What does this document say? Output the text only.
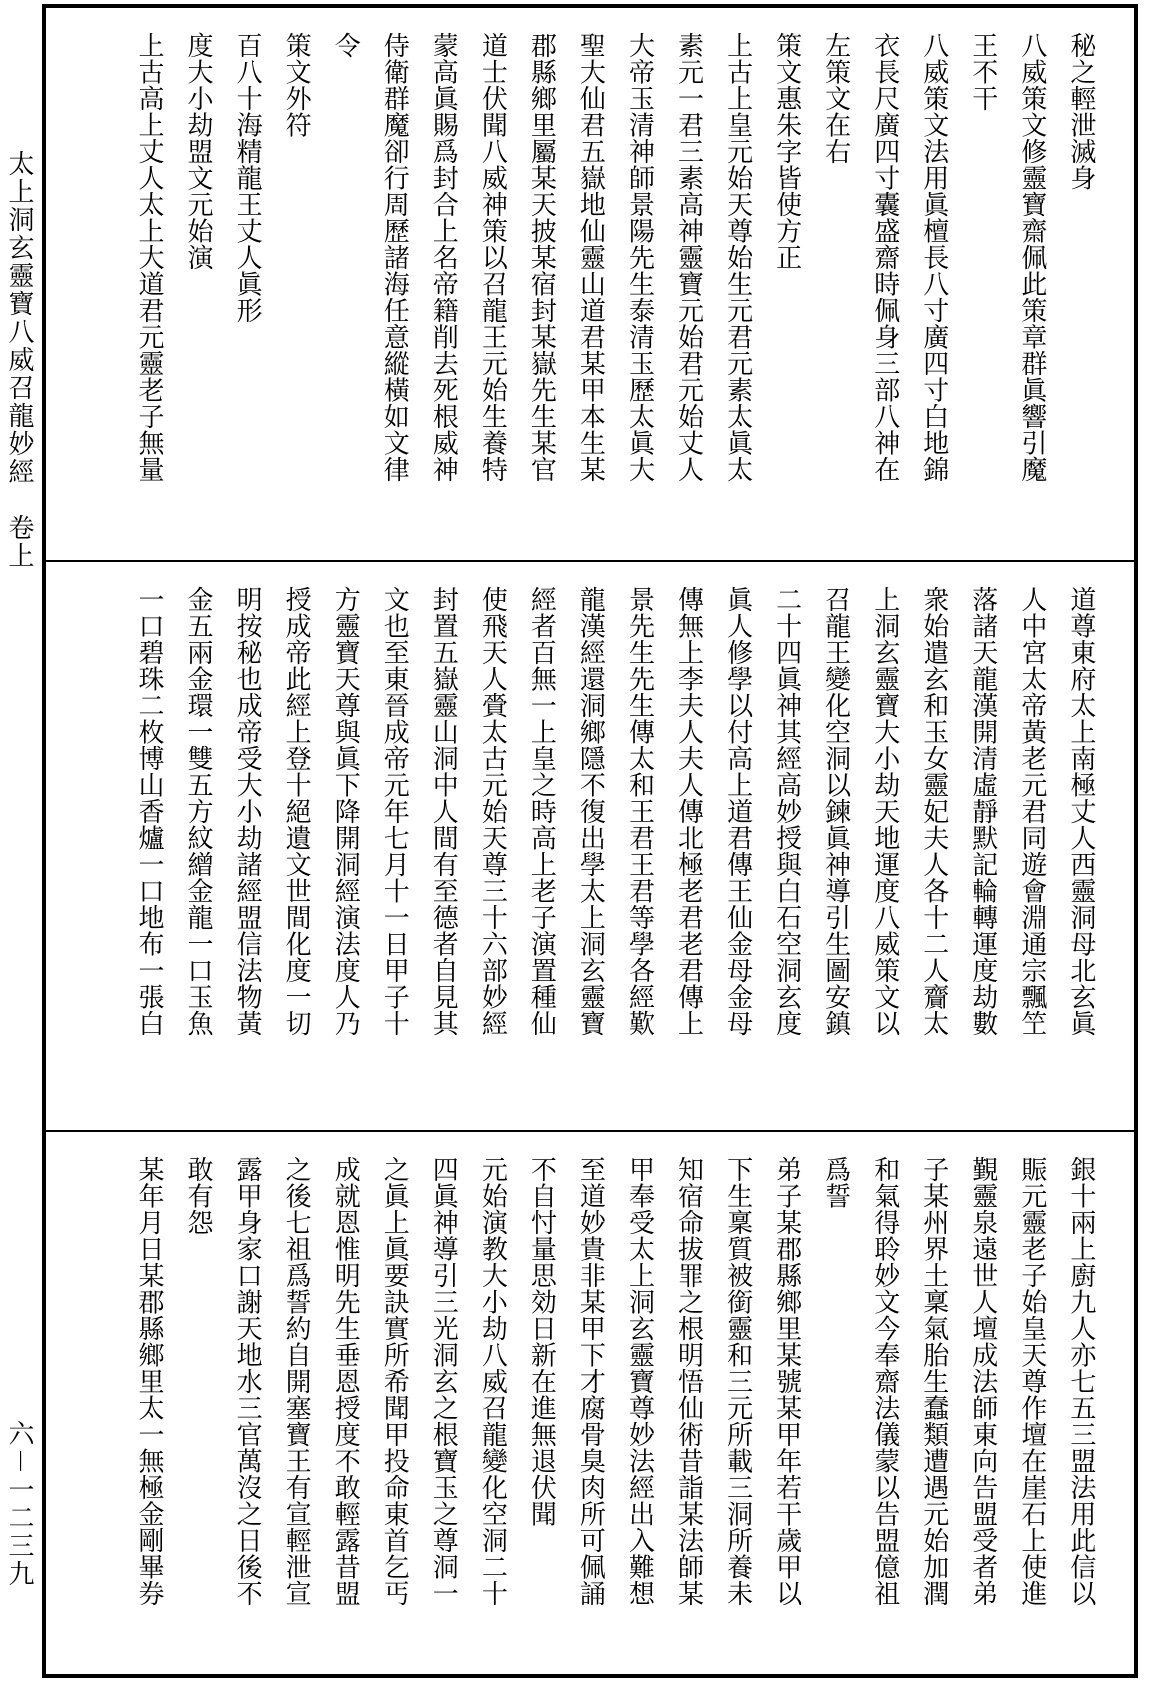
太上洞玄靈寶八威召龍妙經　卷上
六－一二三九
秘之輕泄滅身
八威策文修靈寶齋佩此策章群眞響引魔
王不干
八威策文法用眞檀長八寸廣四寸白地錦
衣長尺廣四寸囊盛齋時佩身三部八神在
左策文在右
策文惠朱字皆使方正
上古上皇元始天尊始生元君元素太眞太
素元一君三素高神靈寶元始君元始丈人
大帝玉清神師景陽先生泰清玉歷太眞大
聖大仙君五嶽地仙靈山道君某甲本生某
郡縣鄉里屬某天披某宿封某嶽先生某官
道士伏聞八威神策以召龍王元始生養特
蒙高眞賜爲封合上名帝籍削去死根威神
侍衛群魔卻行周歷諸海任意縱橫如文律
令
策文外符
百八十海精龍王丈人眞形
度大小劫盟文元始演
上古高上丈人太上大道君元靈老子無量
道尊東府太上南極丈人西靈洞母北玄眞
人中宮太帝黃老元君同遊會淵通宗飄笁
落諸天龍漢開清虛靜默記輪轉運度劫數
衆始遣玄和玉女靈妃夫人各十二人齎太
上洞玄靈寶大小劫天地運度八威策文以
召龍王變化空洞以鍊眞神導引生圖安鎮
二十四眞神其經高妙授與白石空洞玄度
眞人修學以付高上道君傳王仙金母金母
傳無上李夫人夫人傳北極老君老君傳上
景先生先生傳太和王君王君等學各經歎
龍漢經還洞鄉隱不復出學太上洞玄靈寶
經者百無一上皇之時高上老子演置種仙
使飛天人賫太古元始天尊三十六部妙經
封置五嶽靈山洞中人間有至德者自見其
文也至東晉成帝元年七月十一日甲子十
方靈寶天尊與眞下降開洞經演法度人乃
授成帝此經上登十絕遺文世間化度一切
明按秘也成帝受大小劫諸經盟信法物黃
金五兩金環一雙五方紋繒金龍一口玉魚
一口碧珠二枚博山香爐一口地布一張白
銀十兩上廚九人亦七五三盟法用此信以
賑元靈老子始皇天尊作壇在崖石上使進
覲靈泉遠世人壇成法師東向告盟受者弟
子某州界土稟氣胎生蠢類遭遇元始加潤
和氣得聆妙文今奉齋法儀蒙以告盟億祖
爲誓
弟子某郡縣鄉里某號某甲年若干歲甲以
下生稟質被銜靈和三元所載三洞所養未
知宿命拔罪之根明悟仙術昔詣某法師某
甲奉受太上洞玄靈寶尊妙法經出入難想
至道妙貴非某甲下才腐骨臭肉所可佩誦
不自忖量思効日新在進無退伏聞
元始演教大小劫八威召龍變化空洞二十
四眞神導引三光洞玄之根寶玉之尊洞一
之眞上眞要訣實所希聞甲投命東首乞丐
成就恩惟明先生垂恩授度不敢輕露昔盟
之後七祖爲誓約自開塞寶王有宣輕泄宣
露甲身家口謝天地水三官萬沒之日後不
敢有怨
某年月日某郡縣鄉里太一無極金剛畢券
